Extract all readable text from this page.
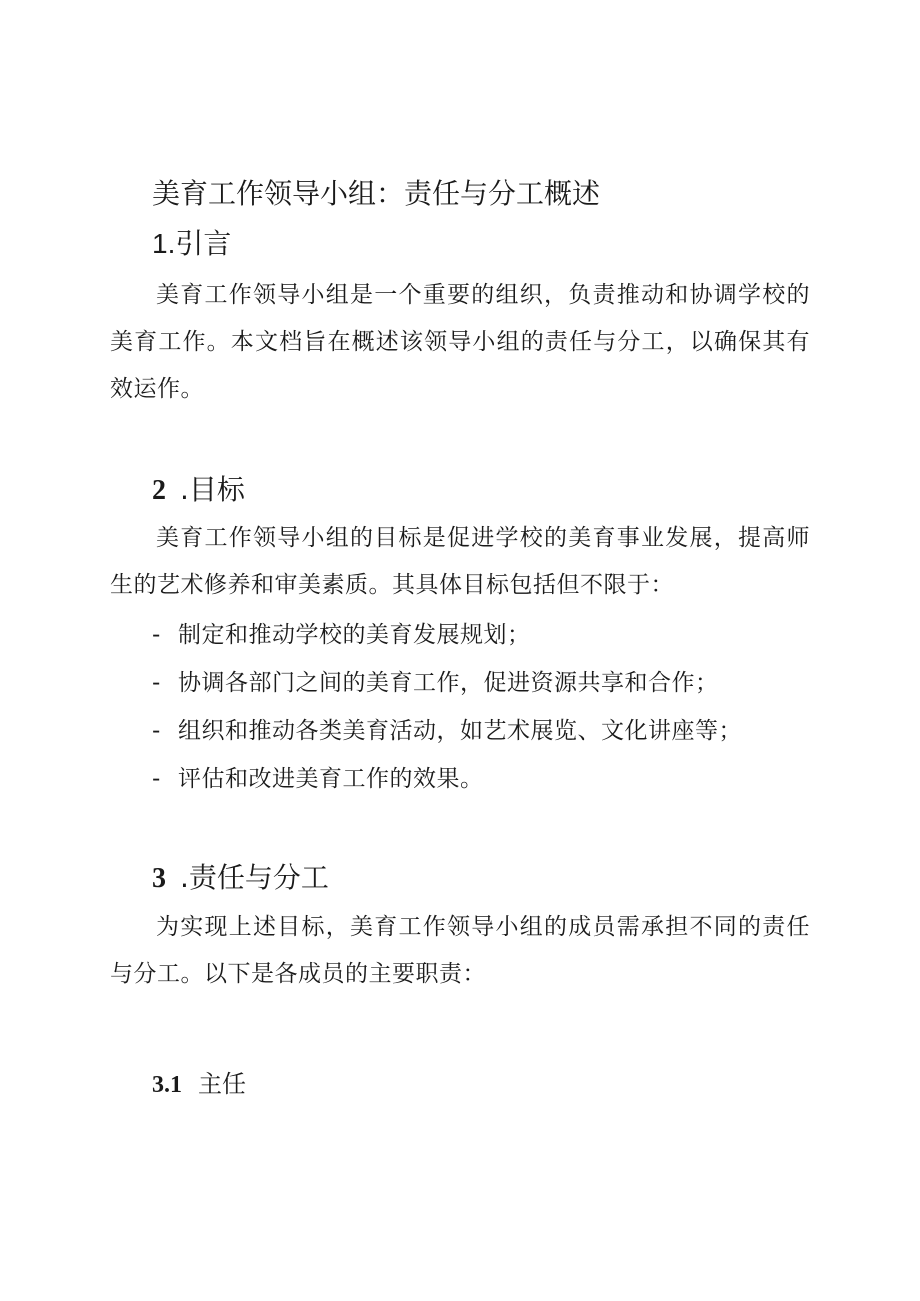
美育工作领导小组：责任与分工概述
1.引言

美育工作领导小组是一个重要的组织，负责推动和协调学校的美育工作。本文档旨在概述该领导小组的责任与分工，以确保其有效运作。

2 .目标

美育工作领导小组的目标是促进学校的美育事业发展，提高师生的艺术修养和审美素质。其具体目标包括但不限于：

- 制定和推动学校的美育发展规划；

- 协调各部门之间的美育工作，促进资源共享和合作；

- 组织和推动各类美育活动，如艺术展览、文化讲座等；

- 评估和改进美育工作的效果。

3 .责任与分工

为实现上述目标，美育工作领导小组的成员需承担不同的责任与分工。以下是各成员的主要职责：

3.1 主任
